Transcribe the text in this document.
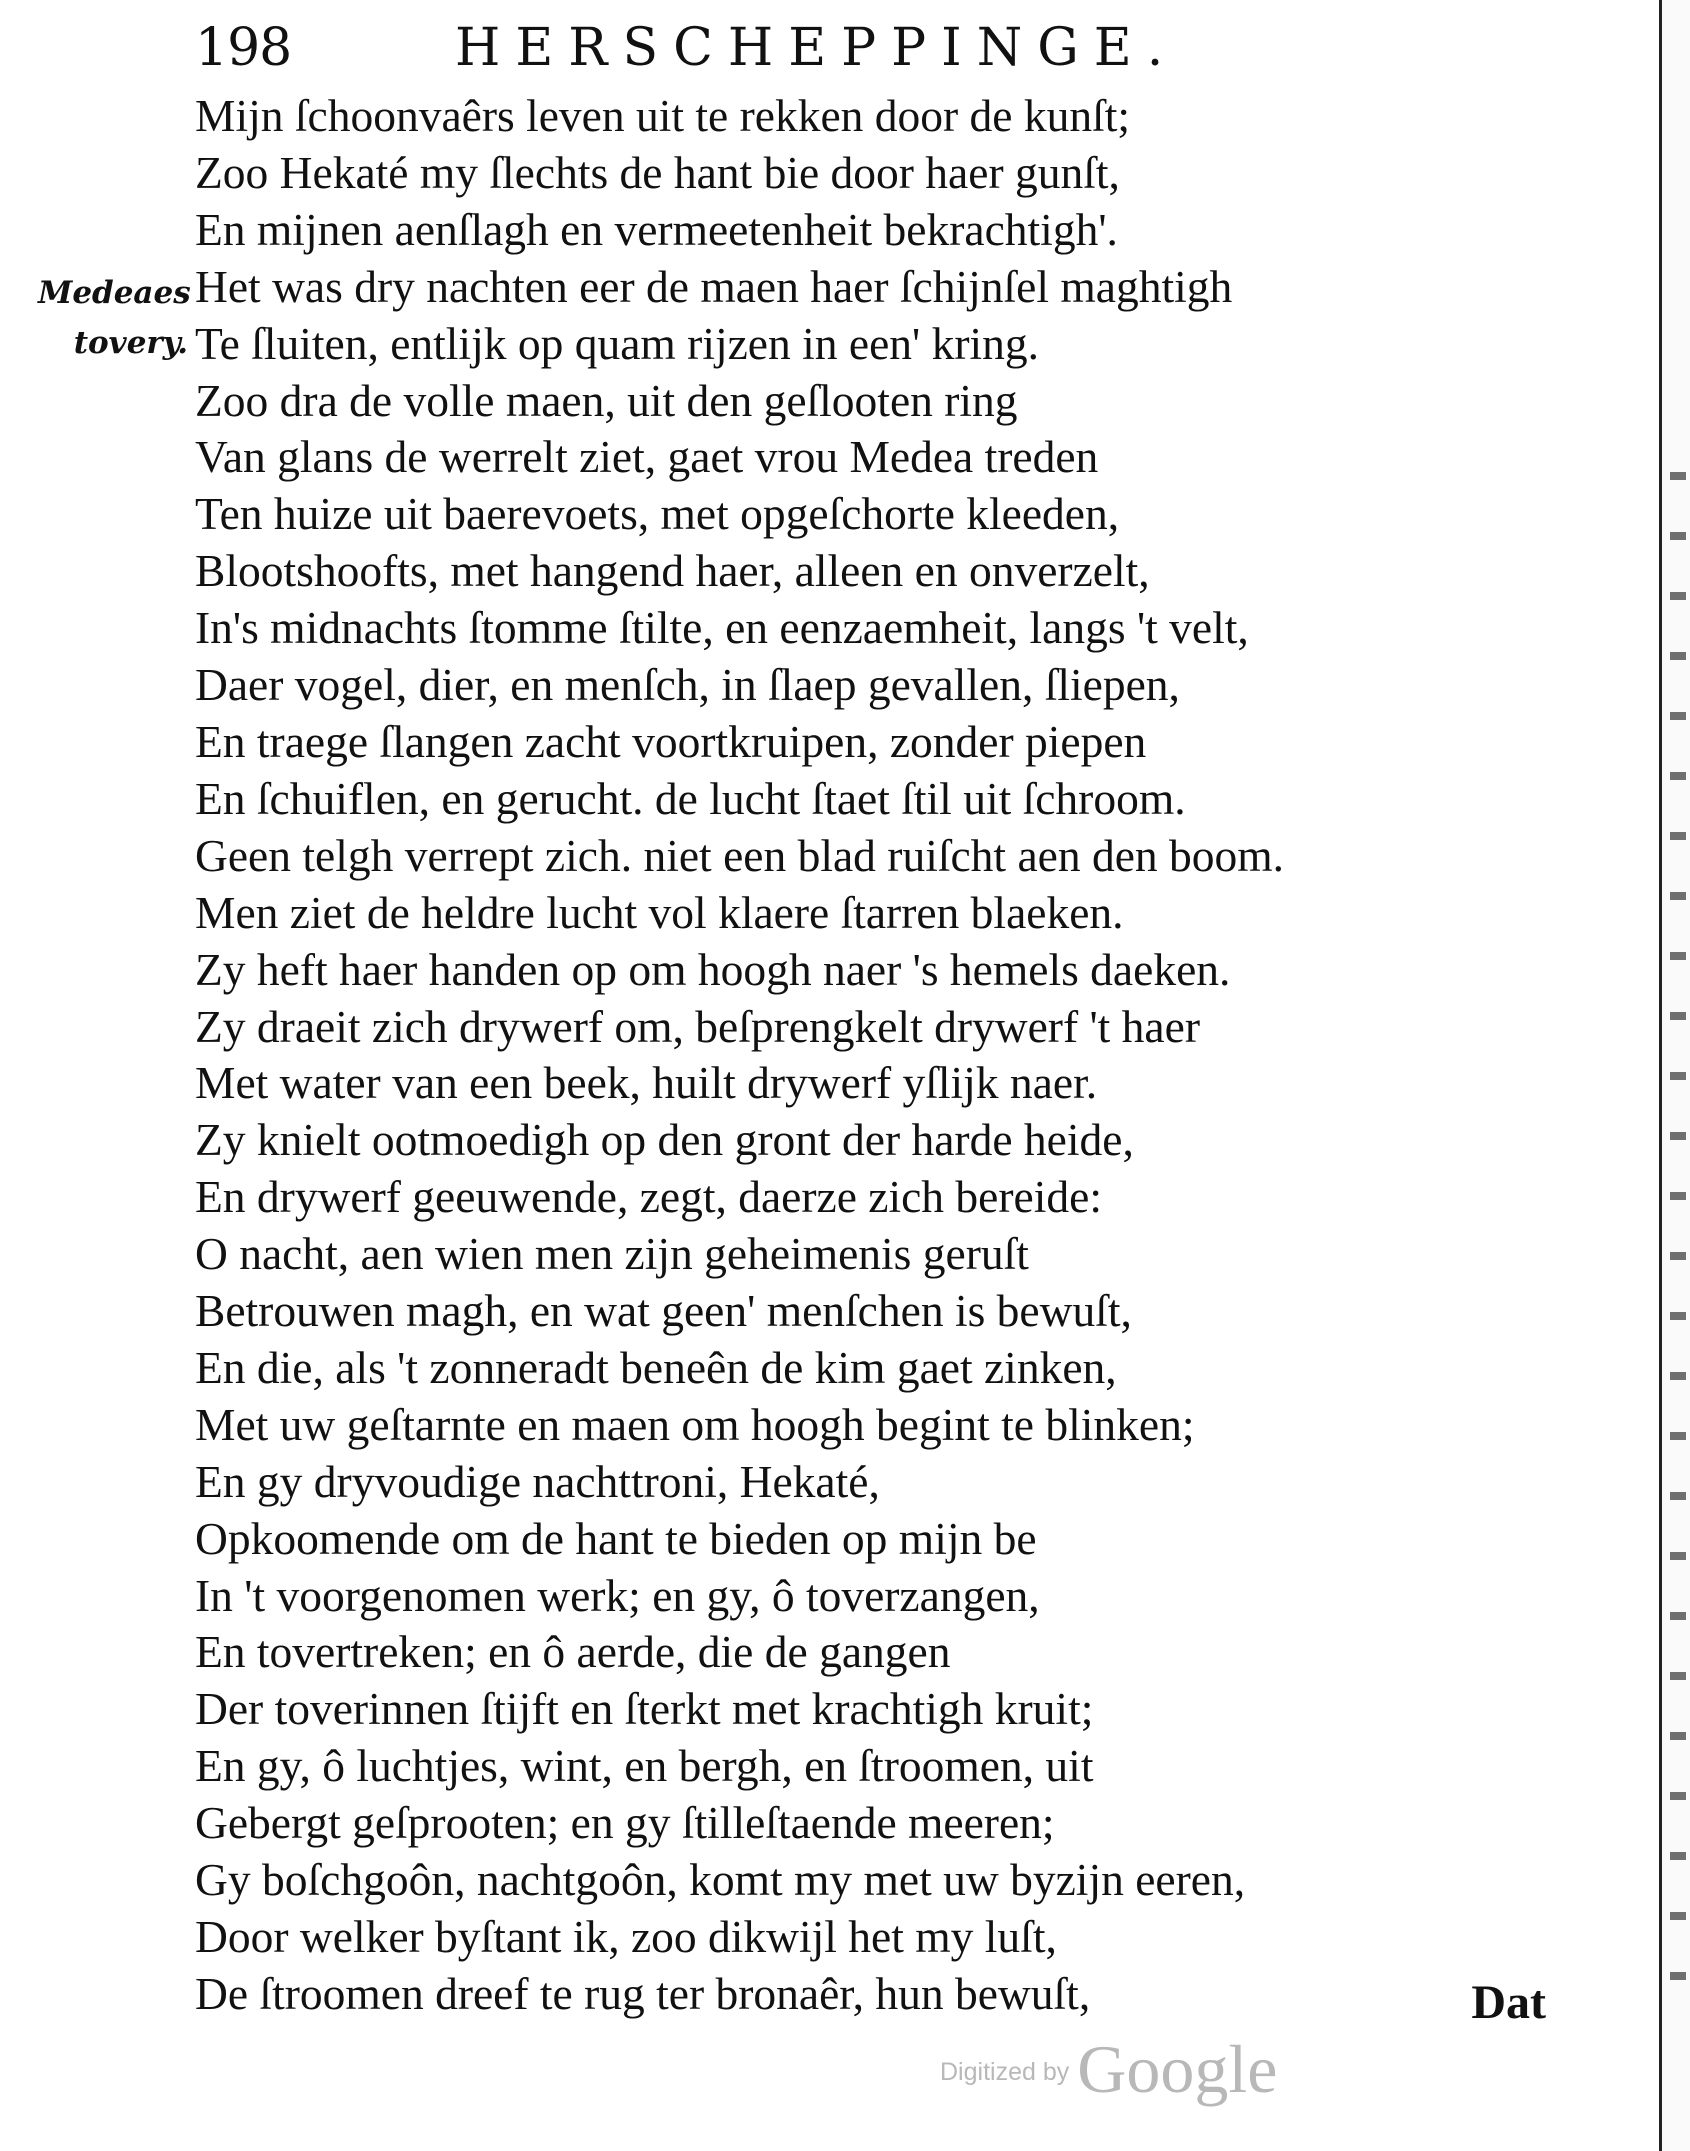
198	HERSCHEPPINGE.
Medeaes
tovery.
Mijn ſchoonvaêrs leven uit te rekken door de kunſt;
Zoo Hekaté my ſlechts de hant bie door haer gunſt,
En mijnen aenſlagh en vermeetenheit bekrachtigh'.
Het was dry nachten eer de maen haer ſchijnſel maghtigh
Te ſluiten, entlijk op quam rijzen in een' kring.
Zoo dra de volle maen, uit den geſlooten ring
Van glans de werrelt ziet, gaet vrou Medea treden
Ten huize uit baerevoets, met opgeſchorte kleeden,
Blootshoofts, met hangend haer, alleen en onverzelt,
In's midnachts ſtomme ſtilte, en eenzaemheit, langs 't velt,
Daer vogel, dier, en menſch, in ſlaep gevallen, ſliepen,
En traege ſlangen zacht voortkruipen, zonder piepen
En ſchuiflen, en gerucht. de lucht ſtaet ſtil uit ſchroom.
Geen telgh verrept zich. niet een blad ruiſcht aen den boom.
Men ziet de heldre lucht vol klaere ſtarren blaeken.
Zy heft haer handen op om hoogh naer 's hemels daeken.
Zy draeit zich drywerf om, beſprengkelt drywerf 't haer
Met water van een beek, huilt drywerf yſlijk naer.
Zy knielt ootmoedigh op den gront der harde heide,
En drywerf geeuwende, zegt, daerze zich bereide:
O nacht, aen wien men zijn geheimenis geruſt
Betrouwen magh, en wat geen' menſchen is bewuſt,
En die, als 't zonneradt beneên de kim gaet zinken,
Met uw geſtarnte en maen om hoogh begint te blinken;
En gy dryvoudige nachttroni, Hekaté,
Opkoomende om de hant te bieden op mijn be
In 't voorgenomen werk; en gy, ô toverzangen,
En tovertreken; en ô aerde, die de gangen
Der toverinnen ſtijft en ſterkt met krachtigh kruit;
En gy, ô luchtjes, wint, en bergh, en ſtroomen, uit
Gebergt geſprooten; en gy ſtilleſtaende meeren;
Gy boſchgoôn, nachtgoôn, komt my met uw byzijn eeren,
Door welker byſtant ik, zoo dikwijl het my luſt,
De ſtroomen dreef te rug ter bronaêr, hun bewuſt,	Dat
Digitized by Google
